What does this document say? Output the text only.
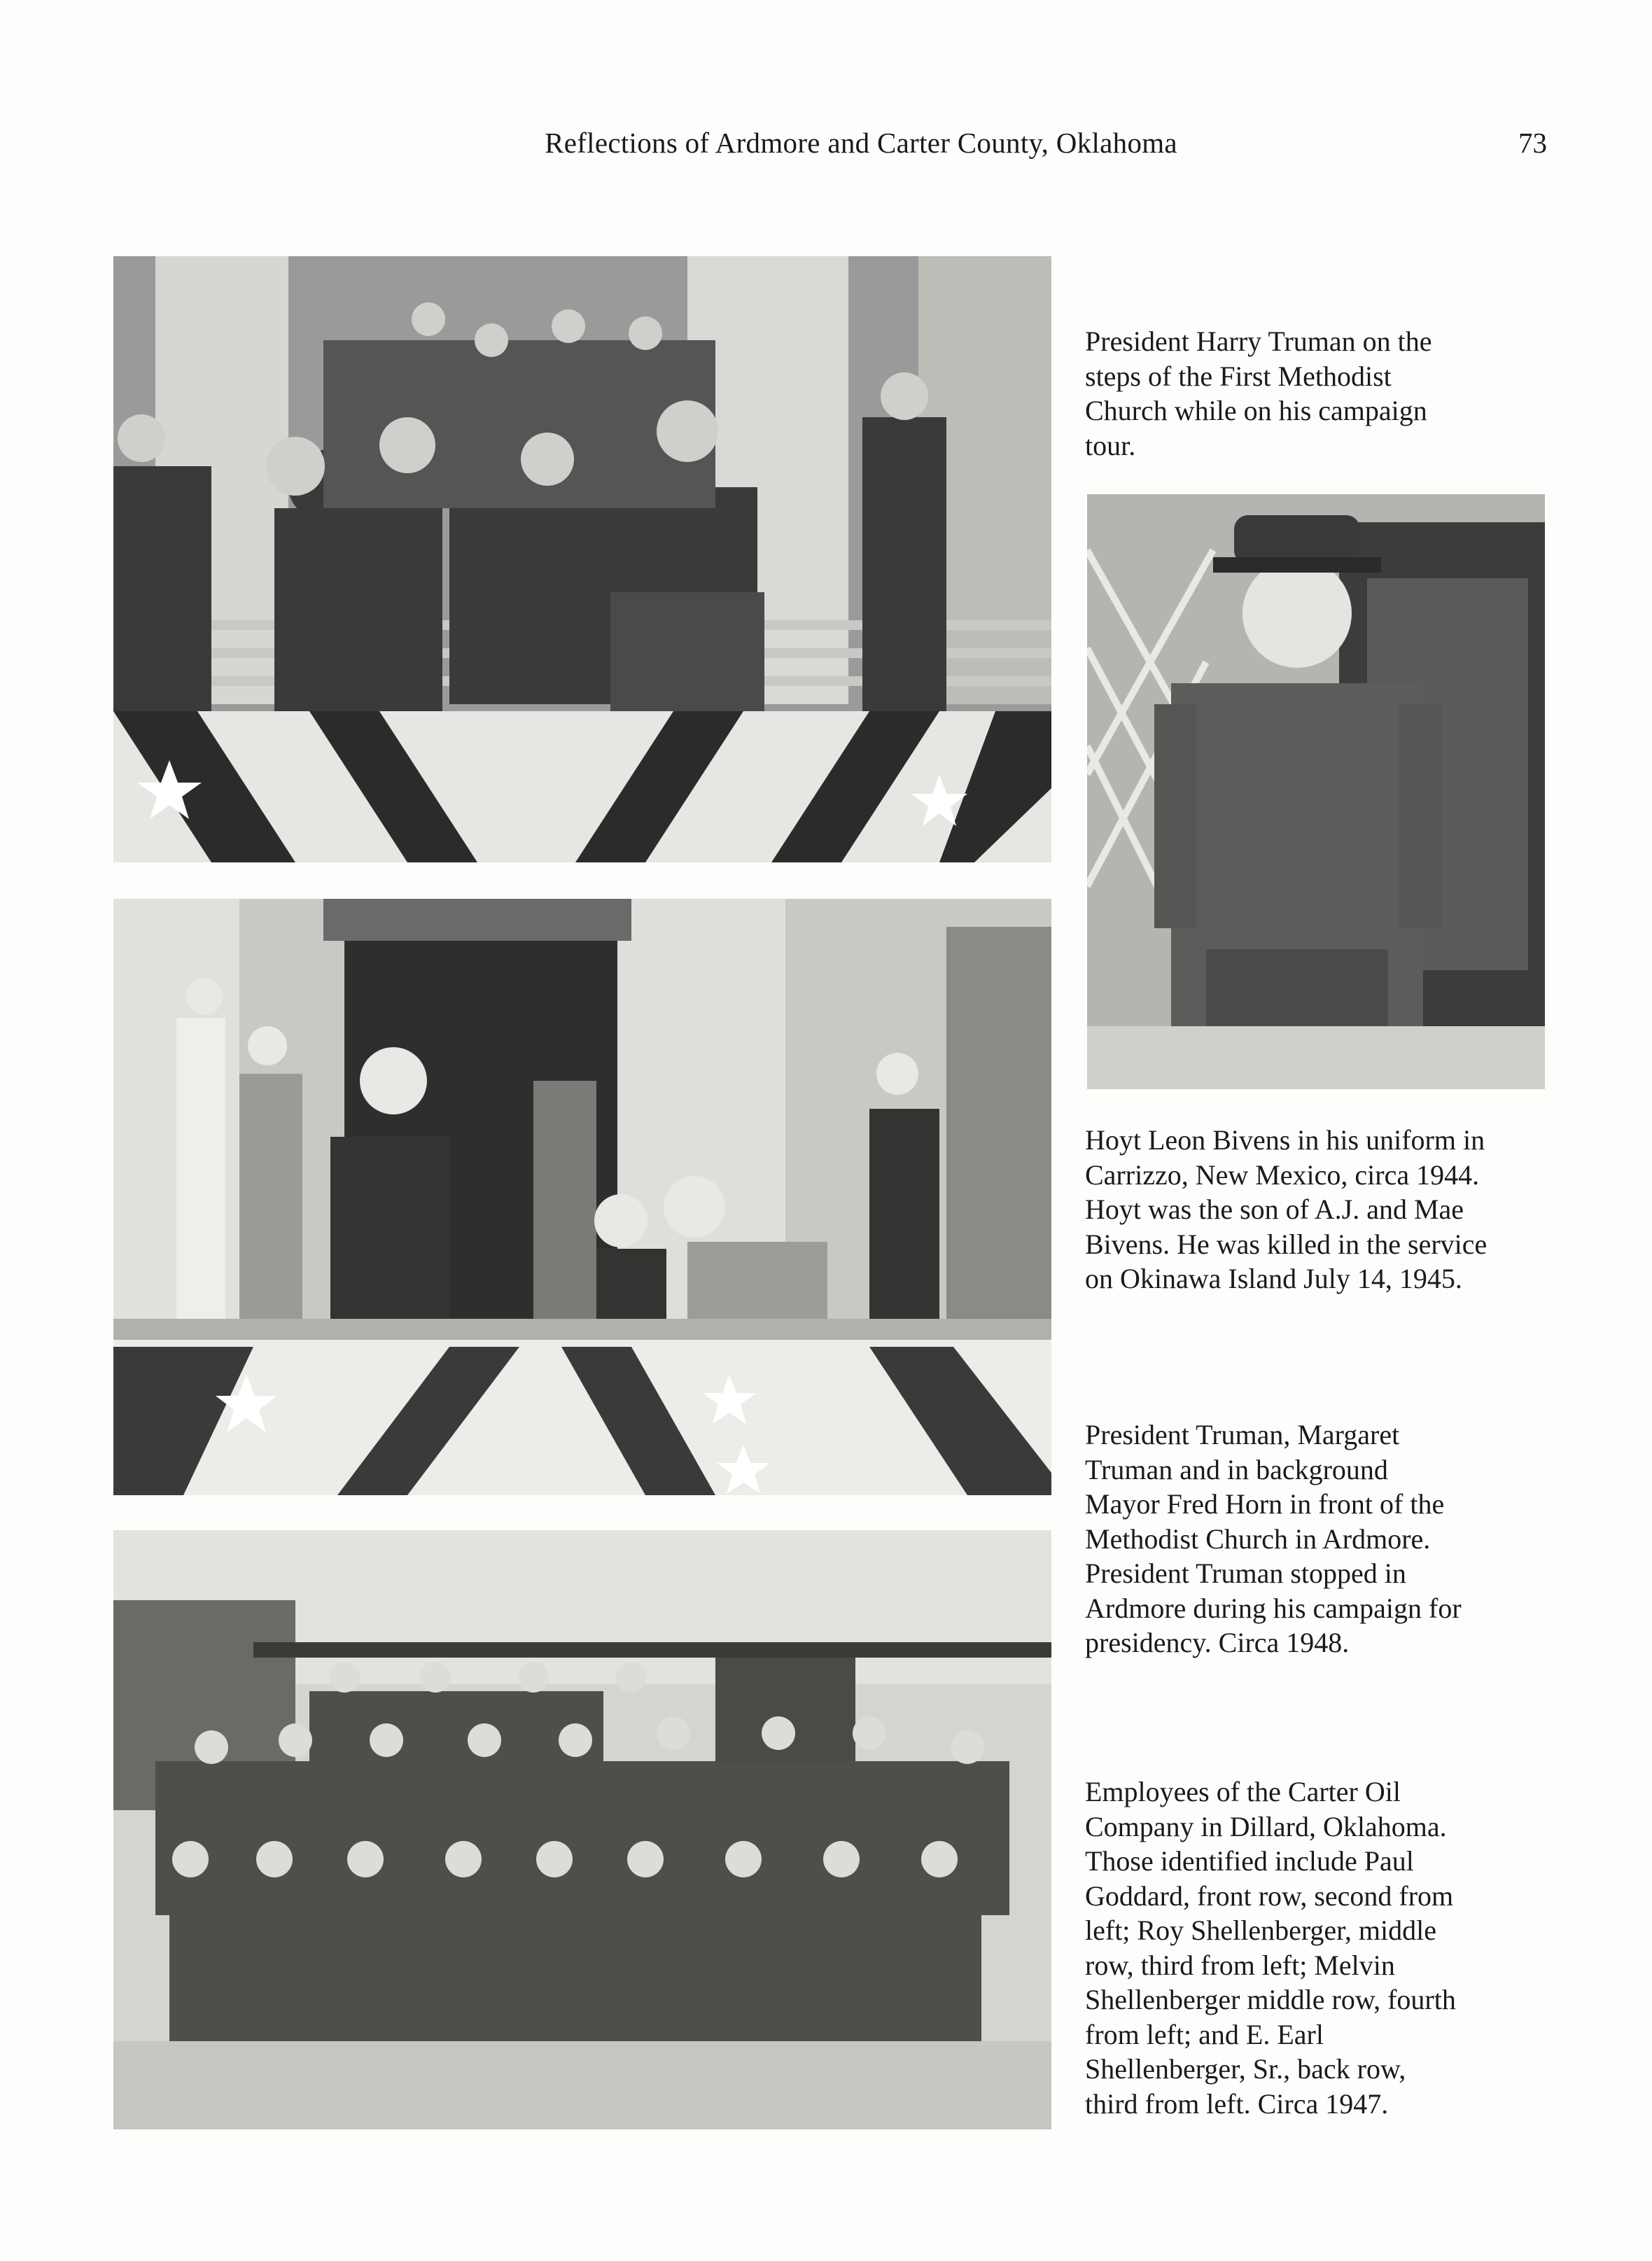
Reflections of Ardmore and Carter County, Oklahoma	73
President Harry Truman on the
steps of the First Methodist
Church while on his campaign
tour.
Hoyt Leon Bivens in his uniform in
Carrizzo, New Mexico, circa 1944.
Hoyt was the son of A.J. and Mae
Bivens. He was killed in the service
on Okinawa Island July 14, 1945.
President Truman, Margaret
Truman and in background
Mayor Fred Horn in front of the
Methodist Church in Ardmore.
President Truman stopped in
Ardmore during his campaign for
presidency. Circa 1948.
Employees of the Carter Oil
Company in Dillard, Oklahoma.
Those identified include Paul
Goddard, front row, second from
left; Roy Shellenberger, middle
row, third from left; Melvin
Shellenberger middle row, fourth
from left; and E. Earl
Shellenberger, Sr., back row,
third from left. Circa 1947.
